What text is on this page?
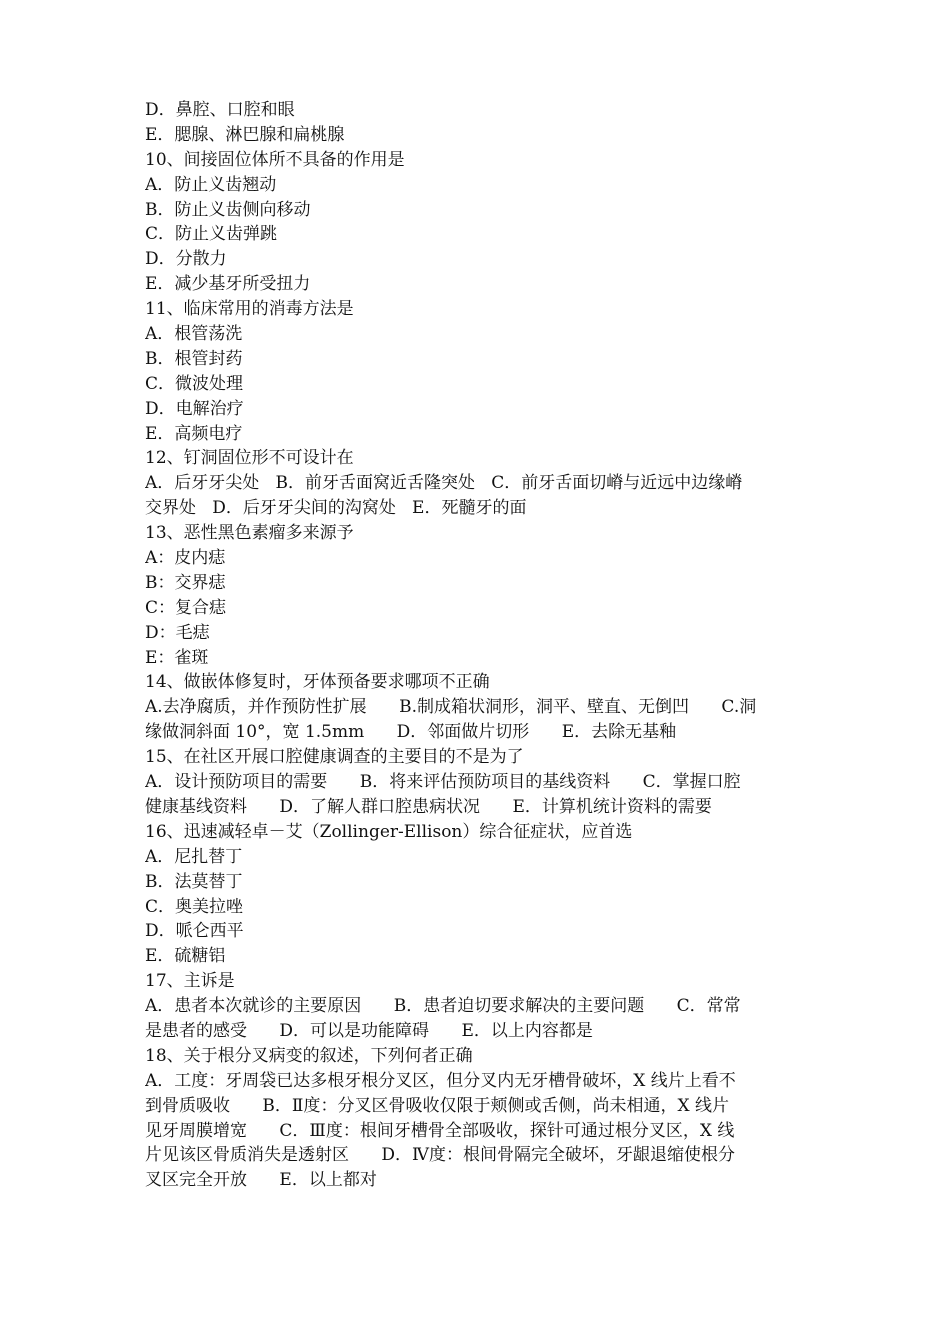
D．鼻腔、口腔和眼
E．腮腺、淋巴腺和扁桃腺
10、间接固位体所不具备的作用是
A．防止义齿翘动
B．防止义齿侧向移动
C．防止义齿弹跳
D．分散力
E．减少基牙所受扭力
11、临床常用的消毒方法是
A．根管荡洗
B．根管封药
C．微波处理
D．电解治疗
E．高频电疗
12、钉洞固位形不可设计在
A．后牙牙尖处   B．前牙舌面窝近舌隆突处   C．前牙舌面切嵴与近远中边缘嵴
交界处   D．后牙牙尖间的沟窝处   E．死髓牙的面
13、恶性黑色素瘤多来源予
A：皮内痣
B：交界痣
C：复合痣
D：毛痣
E：雀斑
14、做嵌体修复时，牙体预备要求哪项不正确
A.去净腐质，并作预防性扩展      B.制成箱状洞形，洞平、壁直、无倒凹      C.洞
缘做洞斜面 10°，宽 1.5mm      D．邻面做片切形      E．去除无基釉
15、在社区开展口腔健康调查的主要目的不是为了
A．设计预防项目的需要      B．将来评估预防项目的基线资料      C．掌握口腔
健康基线资料      D．了解人群口腔患病状况      E．计算机统计资料的需要
16、迅速减轻卓－艾（Zollinger-Ellison）综合征症状，应首选
A．尼扎替丁
B．法莫替丁
C．奥美拉唑
D．哌仑西平
E．硫糖铝
17、主诉是
A．患者本次就诊的主要原因      B．患者迫切要求解决的主要问题      C．常常
是患者的感受      D．可以是功能障碍      E．以上内容都是
18、关于根分叉病变的叙述，下列何者正确
A．工度：牙周袋已达多根牙根分叉区，但分叉内无牙槽骨破坏，X 线片上看不
到骨质吸收      B．Ⅱ度：分叉区骨吸收仅限于颊侧或舌侧，尚未相通，X 线片
见牙周膜增宽      C．Ⅲ度：根间牙槽骨全部吸收，探针可通过根分叉区，X 线
片见该区骨质消失是透射区      D．Ⅳ度：根间骨隔完全破坏，牙龈退缩使根分
叉区完全开放      E．以上都对
